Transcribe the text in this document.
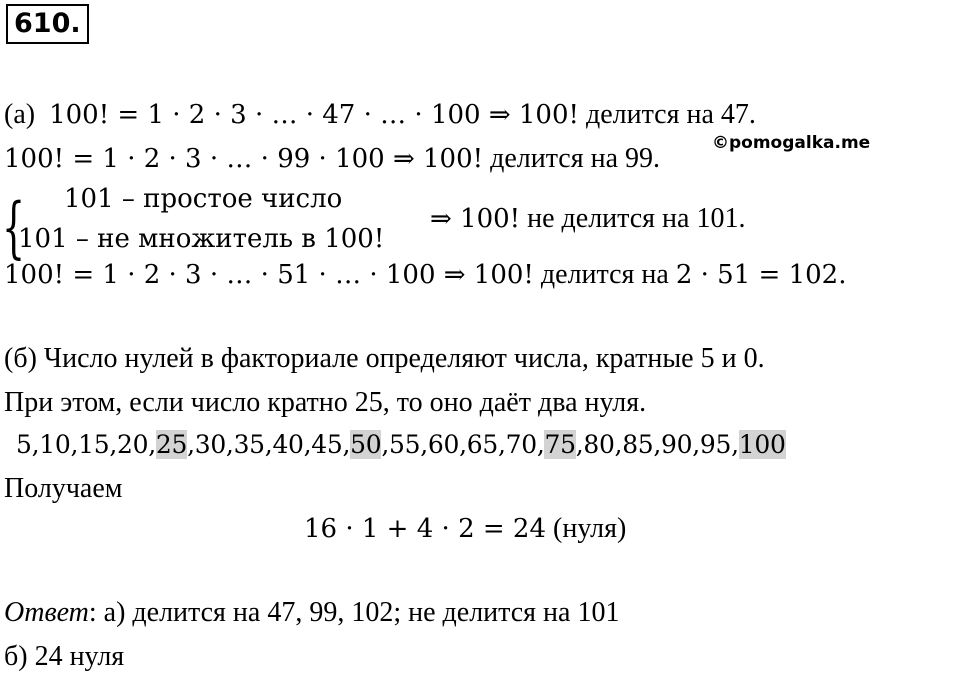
610.
(а) 100! = 1 · 2 · 3 · … · 47 · … · 100 ⇒ 100! делится на 47.
©pomogalka.me
100! = 1 · 2 · 3 · … · 99 · 100 ⇒ 100! делится на 99.
{ 101 – простое число
101 – не множитель в 100!
⇒ 100! не делится на 101.
100! = 1 · 2 · 3 · … · 51 · … · 100 ⇒ 100! делится на 2 · 51 = 102.
(б) Число нулей в факториале определяют числа, кратные 5 и 0.
При этом, если число кратно 25, то оно даёт два нуля.
5,10,15,20,25,30,35,40,45,50,55,60,65,70,75,80,85,90,95,100
Получаем
16 · 1 + 4 · 2 = 24 (нуля)
Ответ: а) делится на 47, 99, 102; не делится на 101
б) 24 нуля
